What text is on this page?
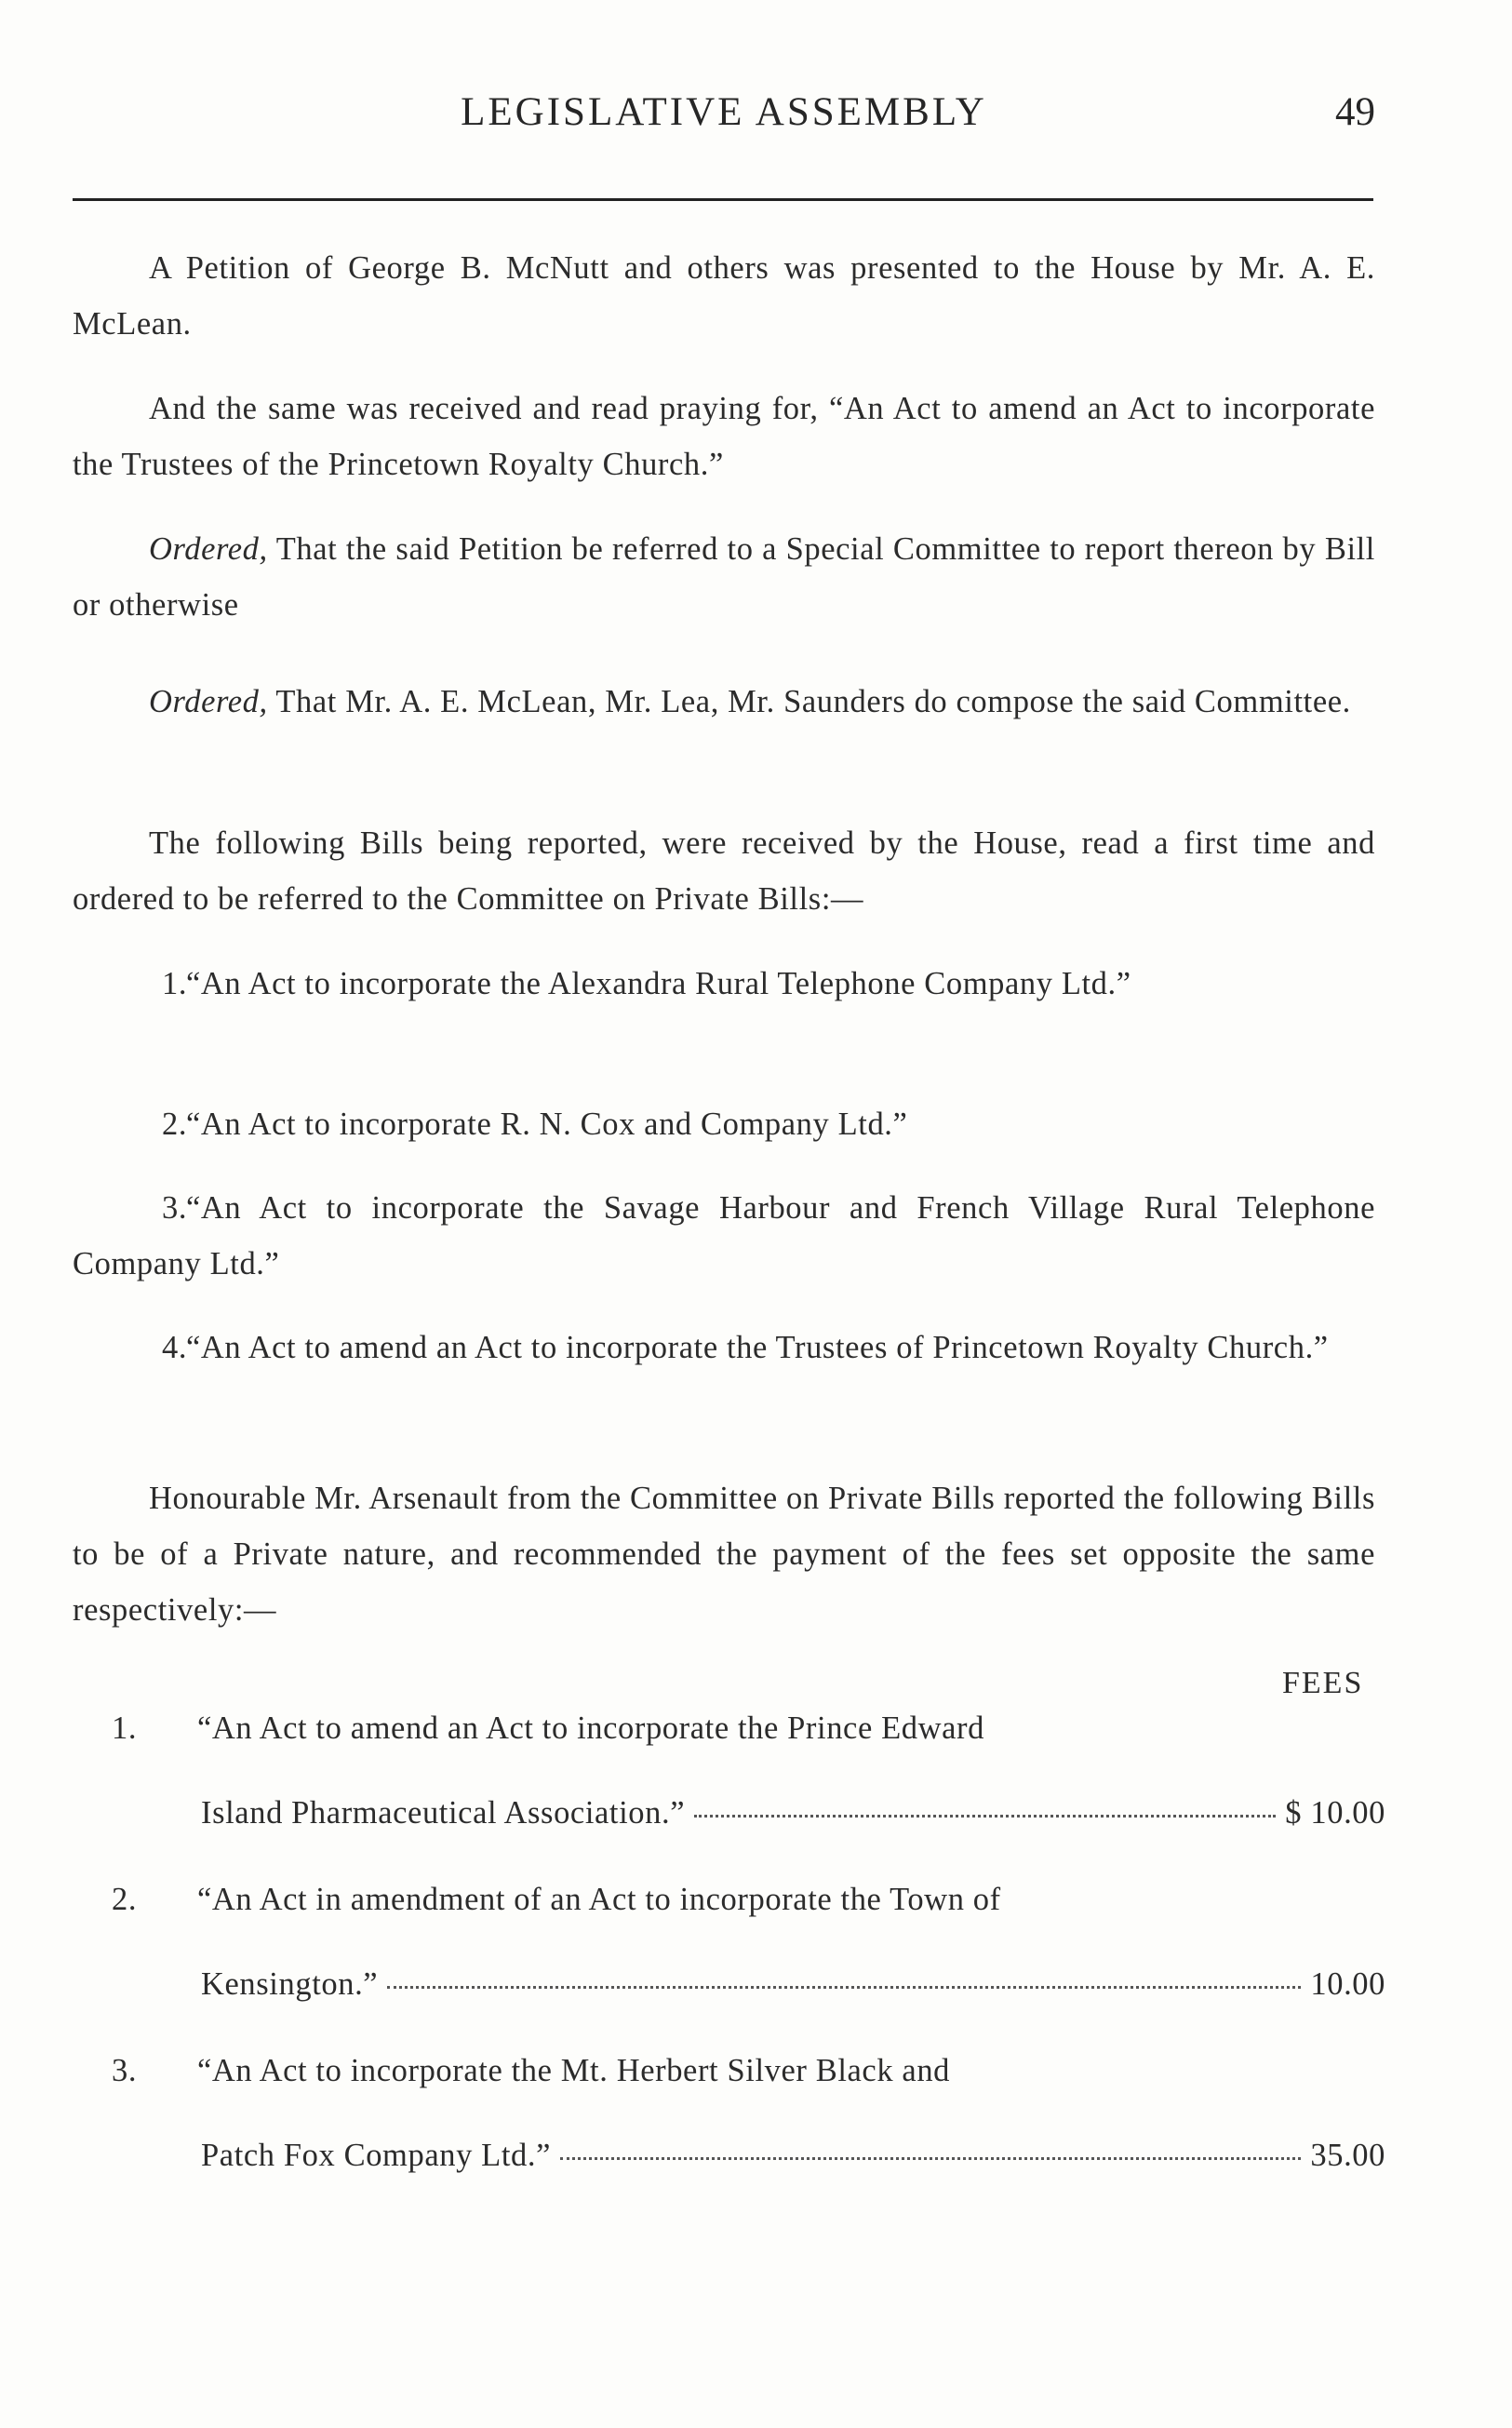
LEGISLATIVE ASSEMBLY	49

A Petition of George B. McNutt and others was presented to the House by Mr. A. E. McLean.

And the same was received and read praying for, “An Act to amend an Act to incorporate the Trustees of the Princetown Royalty Church.”

Ordered, That the said Petition be referred to a Special Committee to report thereon by Bill or otherwise

Ordered, That Mr. A. E. McLean, Mr. Lea, Mr. Saunders do compose the said Committee.

The following Bills being reported, were received by the House, read a first time and ordered to be referred to the Committee on Private Bills:—

1.“An Act to incorporate the Alexandra Rural Telephone Company Ltd.”

2.“An Act to incorporate R. N. Cox and Company Ltd.”

3.“An Act to incorporate the Savage Harbour and French Village Rural Telephone Company Ltd.”

4.“An Act to amend an Act to incorporate the Trustees of Princetown Royalty Church.”

Honourable Mr. Arsenault from the Committee on Private Bills reported the following Bills to be of a Private nature, and recommended the payment of the fees set opposite the same respectively:—

FEES
1. “An Act to amend an Act to incorporate the Prince Edward
Island Pharmaceutical Association.”	$ 10.00
2. “An Act in amendment of an Act to incorporate the Town of
Kensington.”	10.00
3. “An Act to incorporate the Mt. Herbert Silver Black and
Patch Fox Company Ltd.”	35.00
